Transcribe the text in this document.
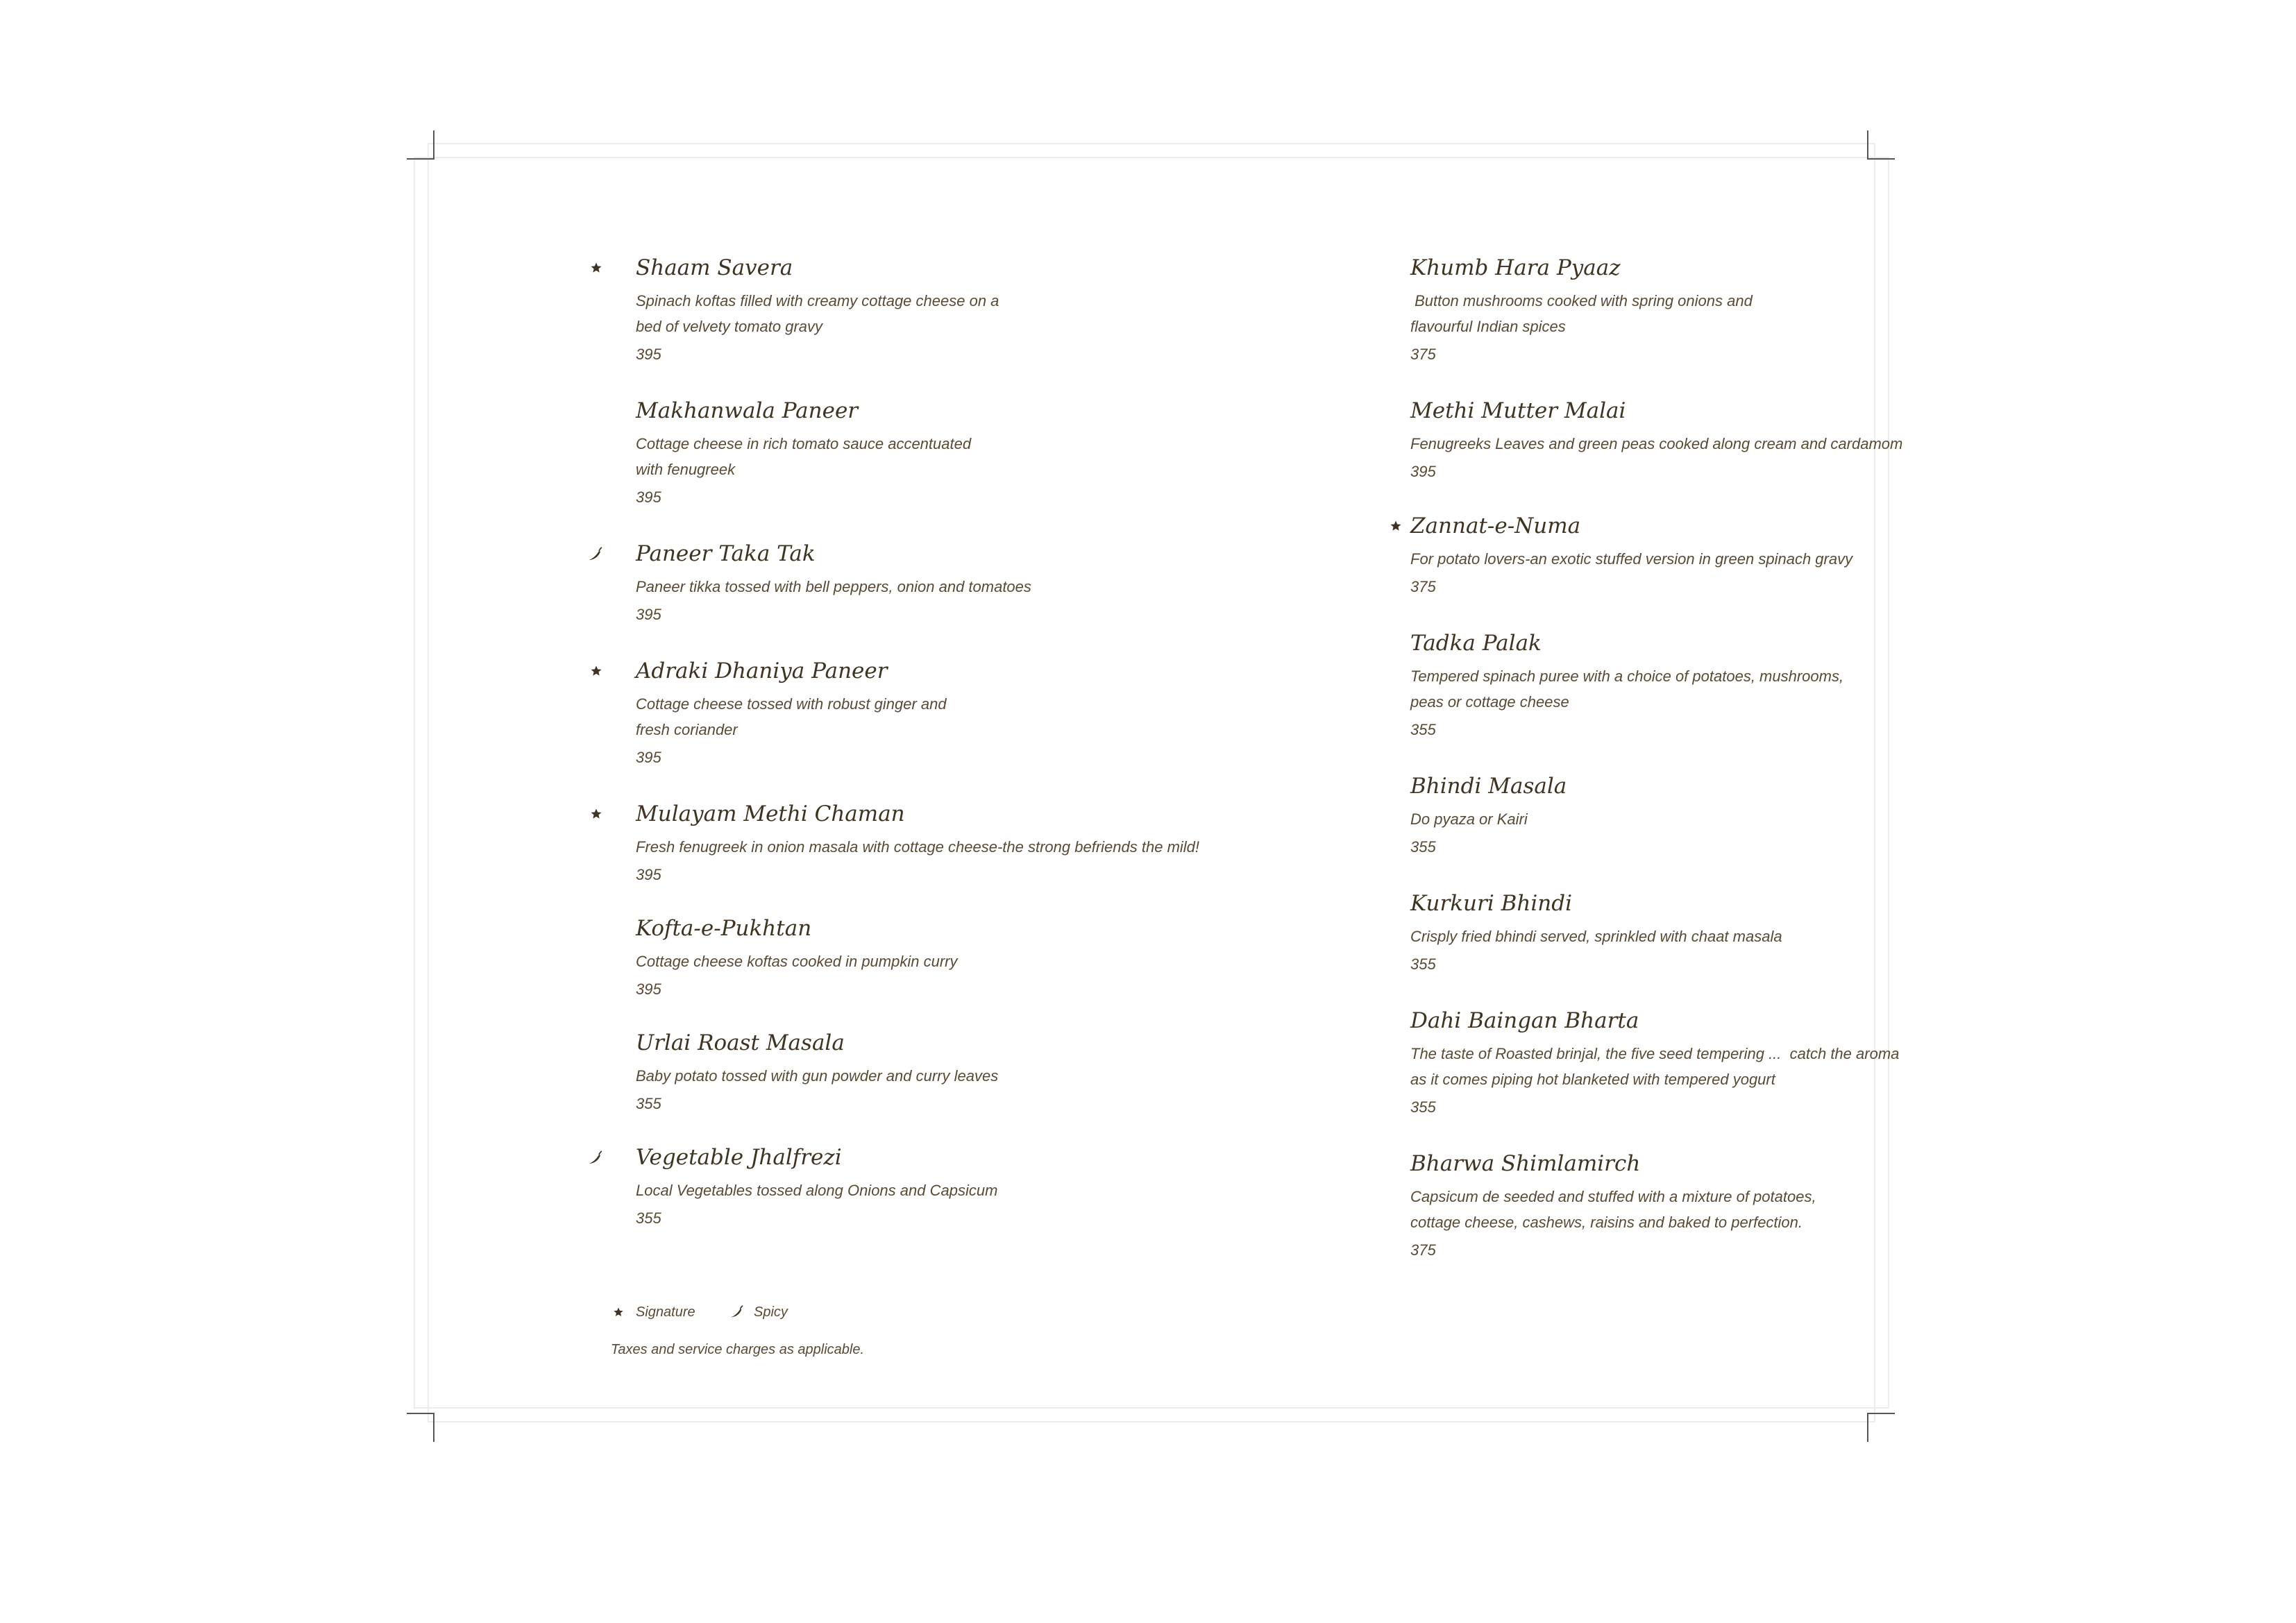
Shaam Savera
Spinach koftas filled with creamy cottage cheese on a
bed of velvety tomato gravy
395
Makhanwala Paneer
Cottage cheese in rich tomato sauce accentuated
with fenugreek
395
Paneer Taka Tak
Paneer tikka tossed with bell peppers, onion and tomatoes
395
Adraki Dhaniya Paneer
Cottage cheese tossed with robust ginger and
fresh coriander
395
Mulayam Methi Chaman
Fresh fenugreek in onion masala with cottage cheese-the strong befriends the mild!
395
Kofta-e-Pukhtan
Cottage cheese koftas cooked in pumpkin curry
395
Urlai Roast Masala
Baby potato tossed with gun powder and curry leaves
355
Vegetable Jhalfrezi
Local Vegetables tossed along Onions and Capsicum
355
Khumb Hara Pyaaz
Button mushrooms cooked with spring onions and
flavourful Indian spices
375
Methi Mutter Malai
Fenugreeks Leaves and green peas cooked along cream and cardamom
395
Zannat-e-Numa
For potato lovers-an exotic stuffed version in green spinach gravy
375
Tadka Palak
Tempered spinach puree with a choice of potatoes, mushrooms,
peas or cottage cheese
355
Bhindi Masala
Do pyaza or Kairi
355
Kurkuri Bhindi
Crisply fried bhindi served, sprinkled with chaat masala
355
Dahi Baingan Bharta
The taste of Roasted brinjal, the five seed tempering ...  catch the aroma
as it comes piping hot blanketed with tempered yogurt
355
Bharwa Shimlamirch
Capsicum de seeded and stuffed with a mixture of potatoes,
cottage cheese, cashews, raisins and baked to perfection.
375
Signature	Spicy
Taxes and service charges as applicable.
